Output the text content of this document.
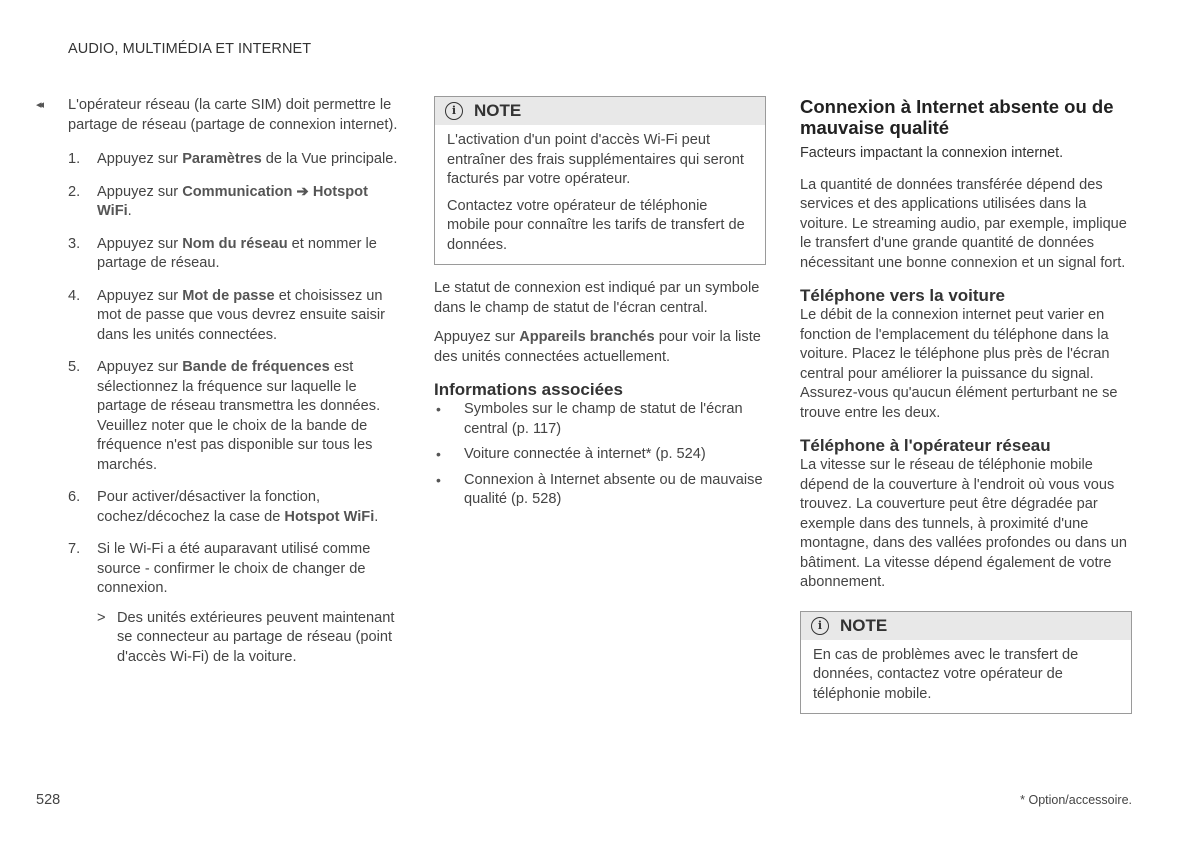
AUDIO, MULTIMÉDIA ET INTERNET
◂◂	L'opérateur réseau (la carte SIM) doit permettre le partage de réseau (partage de connexion internet).

1.	Appuyez sur Paramètres de la Vue principale.

2.	Appuyez sur Communication ➔ Hotspot WiFi.

3.	Appuyez sur Nom du réseau et nommer le partage de réseau.

4.	Appuyez sur Mot de passe et choisissez un mot de passe que vous devrez ensuite saisir dans les unités connectées.

5.	Appuyez sur Bande de fréquences est sélectionnez la fréquence sur laquelle le partage de réseau transmettra les données. Veuillez noter que le choix de la bande de fréquence n'est pas disponible sur tous les marchés.

6.	Pour activer/désactiver la fonction, cochez/décochez la case de Hotspot WiFi.

7.	Si le Wi-Fi a été auparavant utilisé comme source - confirmer le choix de changer de connexion.

> Des unités extérieures peuvent maintenant se connecteur au partage de réseau (point d'accès Wi-Fi) de la voiture.

i	NOTE

L'activation d'un point d'accès Wi-Fi peut entraîner des frais supplémentaires qui seront facturés par votre opérateur.

Contactez votre opérateur de téléphonie mobile pour connaître les tarifs de transfert de données.

Le statut de connexion est indiqué par un symbole dans le champ de statut de l'écran central.

Appuyez sur Appareils branchés pour voir la liste des unités connectées actuellement.

Informations associées
•	Symboles sur le champ de statut de l'écran central (p. 117)

•	Voiture connectée à internet* (p. 524)

•	Connexion à Internet absente ou de mauvaise qualité (p. 528)

Connexion à Internet absente ou de mauvaise qualité

Facteurs impactant la connexion internet.

La quantité de données transférée dépend des services et des applications utilisées dans la voiture. Le streaming audio, par exemple, implique le transfert d'une grande quantité de données nécessitant une bonne connexion et un signal fort.

Téléphone vers la voiture

Le débit de la connexion internet peut varier en fonction de l'emplacement du téléphone dans la voiture. Placez le téléphone plus près de l'écran central pour améliorer la puissance du signal. Assurez-vous qu'aucun élément perturbant ne se trouve entre les deux.

Téléphone à l'opérateur réseau

La vitesse sur le réseau de téléphonie mobile dépend de la couverture à l'endroit où vous vous trouvez. La couverture peut être dégradée par exemple dans des tunnels, à proximité d'une montagne, dans des vallées profondes ou dans un bâtiment. La vitesse dépend également de votre abonnement.

i	NOTE

En cas de problèmes avec le transfert de données, contactez votre opérateur de téléphonie mobile.

528	* Option/accessoire.
